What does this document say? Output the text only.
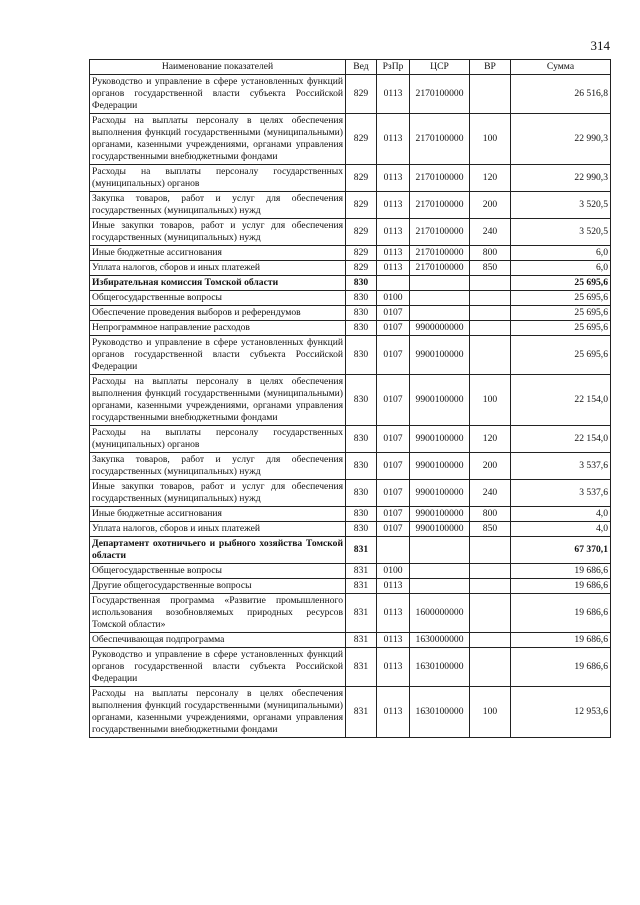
314
Наименование показателей	Вед	РзПр	ЦСР	ВР	Сумма
Руководство и управление в сфере установленных функций органов государственной власти субъекта Российской Федерации	829	0113	2170100000		26 516,8
Расходы на выплаты персоналу в целях обеспечения выполнения функций государственными (муниципальными) органами, казенными учреждениями, органами управления государственными внебюджетными фондами	829	0113	2170100000	100	22 990,3
Расходы на выплаты персоналу государственных (муниципальных) органов	829	0113	2170100000	120	22 990,3
Закупка товаров, работ и услуг для обеспечения государственных (муниципальных) нужд	829	0113	2170100000	200	3 520,5
Иные закупки товаров, работ и услуг для обеспечения государственных (муниципальных) нужд	829	0113	2170100000	240	3 520,5
Иные бюджетные ассигнования	829	0113	2170100000	800	6,0
Уплата налогов, сборов и иных платежей	829	0113	2170100000	850	6,0
Избирательная комиссия Томской области	830				25 695,6
Общегосударственные вопросы	830	0100			25 695,6
Обеспечение проведения выборов и референдумов	830	0107			25 695,6
Непрограммное направление расходов	830	0107	9900000000		25 695,6
Руководство и управление в сфере установленных функций органов государственной власти субъекта Российской Федерации	830	0107	9900100000		25 695,6
Расходы на выплаты персоналу в целях обеспечения выполнения функций государственными (муниципальными) органами, казенными учреждениями, органами управления государственными внебюджетными фондами	830	0107	9900100000	100	22 154,0
Расходы на выплаты персоналу государственных (муниципальных) органов	830	0107	9900100000	120	22 154,0
Закупка товаров, работ и услуг для обеспечения государственных (муниципальных) нужд	830	0107	9900100000	200	3 537,6
Иные закупки товаров, работ и услуг для обеспечения государственных (муниципальных) нужд	830	0107	9900100000	240	3 537,6
Иные бюджетные ассигнования	830	0107	9900100000	800	4,0
Уплата налогов, сборов и иных платежей	830	0107	9900100000	850	4,0
Департамент охотничьего и рыбного хозяйства Томской области	831				67 370,1
Общегосударственные вопросы	831	0100			19 686,6
Другие общегосударственные вопросы	831	0113			19 686,6
Государственная программа «Развитие промышленного использования возобновляемых природных ресурсов Томской области»	831	0113	1600000000		19 686,6
Обеспечивающая подпрограмма	831	0113	1630000000		19 686,6
Руководство и управление в сфере установленных функций органов государственной власти субъекта Российской Федерации	831	0113	1630100000		19 686,6
Расходы на выплаты персоналу в целях обеспечения выполнения функций государственными (муниципальными) органами, казенными учреждениями, органами управления государственными внебюджетными фондами	831	0113	1630100000	100	12 953,6
